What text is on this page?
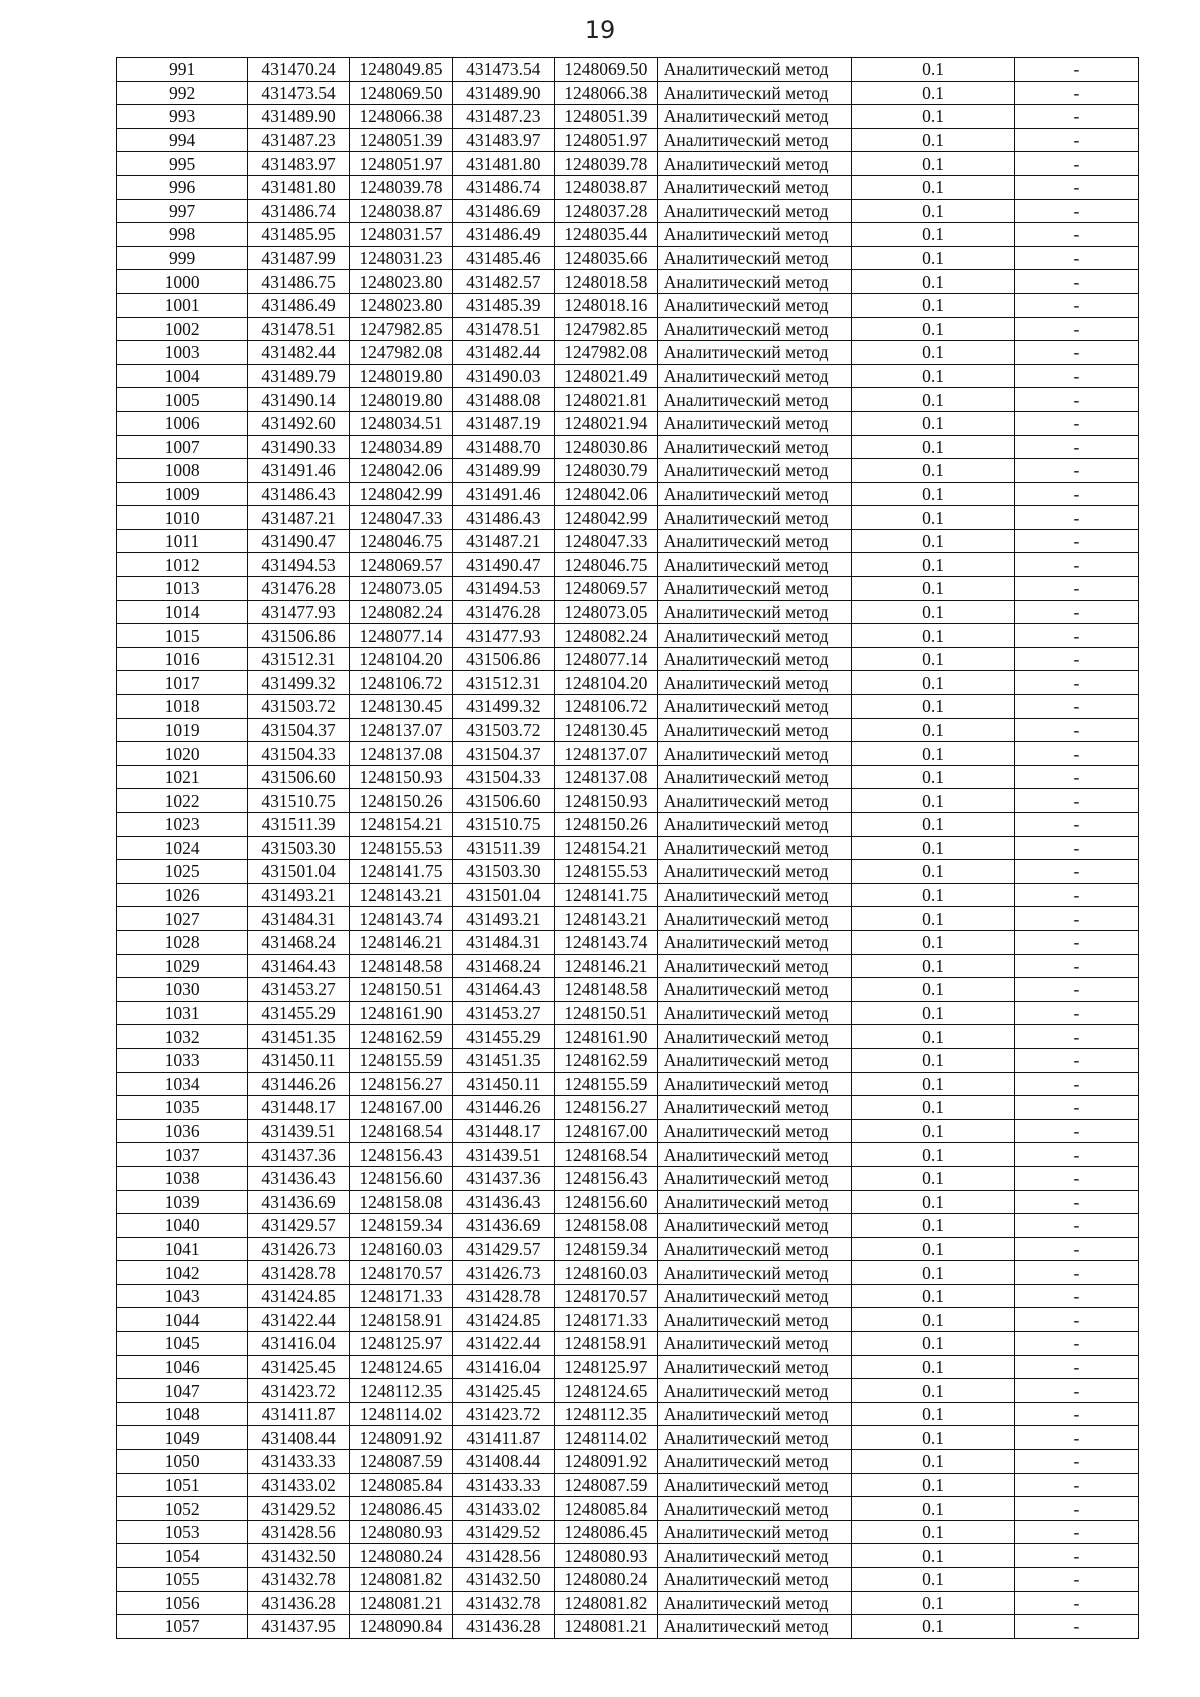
19
991	431470.24	1248049.85	431473.54	1248069.50	Аналитический метод	0.1	-
992	431473.54	1248069.50	431489.90	1248066.38	Аналитический метод	0.1	-
993	431489.90	1248066.38	431487.23	1248051.39	Аналитический метод	0.1	-
994	431487.23	1248051.39	431483.97	1248051.97	Аналитический метод	0.1	-
995	431483.97	1248051.97	431481.80	1248039.78	Аналитический метод	0.1	-
996	431481.80	1248039.78	431486.74	1248038.87	Аналитический метод	0.1	-
997	431486.74	1248038.87	431486.69	1248037.28	Аналитический метод	0.1	-
998	431485.95	1248031.57	431486.49	1248035.44	Аналитический метод	0.1	-
999	431487.99	1248031.23	431485.46	1248035.66	Аналитический метод	0.1	-
1000	431486.75	1248023.80	431482.57	1248018.58	Аналитический метод	0.1	-
1001	431486.49	1248023.80	431485.39	1248018.16	Аналитический метод	0.1	-
1002	431478.51	1247982.85	431478.51	1247982.85	Аналитический метод	0.1	-
1003	431482.44	1247982.08	431482.44	1247982.08	Аналитический метод	0.1	-
1004	431489.79	1248019.80	431490.03	1248021.49	Аналитический метод	0.1	-
1005	431490.14	1248019.80	431488.08	1248021.81	Аналитический метод	0.1	-
1006	431492.60	1248034.51	431487.19	1248021.94	Аналитический метод	0.1	-
1007	431490.33	1248034.89	431488.70	1248030.86	Аналитический метод	0.1	-
1008	431491.46	1248042.06	431489.99	1248030.79	Аналитический метод	0.1	-
1009	431486.43	1248042.99	431491.46	1248042.06	Аналитический метод	0.1	-
1010	431487.21	1248047.33	431486.43	1248042.99	Аналитический метод	0.1	-
1011	431490.47	1248046.75	431487.21	1248047.33	Аналитический метод	0.1	-
1012	431494.53	1248069.57	431490.47	1248046.75	Аналитический метод	0.1	-
1013	431476.28	1248073.05	431494.53	1248069.57	Аналитический метод	0.1	-
1014	431477.93	1248082.24	431476.28	1248073.05	Аналитический метод	0.1	-
1015	431506.86	1248077.14	431477.93	1248082.24	Аналитический метод	0.1	-
1016	431512.31	1248104.20	431506.86	1248077.14	Аналитический метод	0.1	-
1017	431499.32	1248106.72	431512.31	1248104.20	Аналитический метод	0.1	-
1018	431503.72	1248130.45	431499.32	1248106.72	Аналитический метод	0.1	-
1019	431504.37	1248137.07	431503.72	1248130.45	Аналитический метод	0.1	-
1020	431504.33	1248137.08	431504.37	1248137.07	Аналитический метод	0.1	-
1021	431506.60	1248150.93	431504.33	1248137.08	Аналитический метод	0.1	-
1022	431510.75	1248150.26	431506.60	1248150.93	Аналитический метод	0.1	-
1023	431511.39	1248154.21	431510.75	1248150.26	Аналитический метод	0.1	-
1024	431503.30	1248155.53	431511.39	1248154.21	Аналитический метод	0.1	-
1025	431501.04	1248141.75	431503.30	1248155.53	Аналитический метод	0.1	-
1026	431493.21	1248143.21	431501.04	1248141.75	Аналитический метод	0.1	-
1027	431484.31	1248143.74	431493.21	1248143.21	Аналитический метод	0.1	-
1028	431468.24	1248146.21	431484.31	1248143.74	Аналитический метод	0.1	-
1029	431464.43	1248148.58	431468.24	1248146.21	Аналитический метод	0.1	-
1030	431453.27	1248150.51	431464.43	1248148.58	Аналитический метод	0.1	-
1031	431455.29	1248161.90	431453.27	1248150.51	Аналитический метод	0.1	-
1032	431451.35	1248162.59	431455.29	1248161.90	Аналитический метод	0.1	-
1033	431450.11	1248155.59	431451.35	1248162.59	Аналитический метод	0.1	-
1034	431446.26	1248156.27	431450.11	1248155.59	Аналитический метод	0.1	-
1035	431448.17	1248167.00	431446.26	1248156.27	Аналитический метод	0.1	-
1036	431439.51	1248168.54	431448.17	1248167.00	Аналитический метод	0.1	-
1037	431437.36	1248156.43	431439.51	1248168.54	Аналитический метод	0.1	-
1038	431436.43	1248156.60	431437.36	1248156.43	Аналитический метод	0.1	-
1039	431436.69	1248158.08	431436.43	1248156.60	Аналитический метод	0.1	-
1040	431429.57	1248159.34	431436.69	1248158.08	Аналитический метод	0.1	-
1041	431426.73	1248160.03	431429.57	1248159.34	Аналитический метод	0.1	-
1042	431428.78	1248170.57	431426.73	1248160.03	Аналитический метод	0.1	-
1043	431424.85	1248171.33	431428.78	1248170.57	Аналитический метод	0.1	-
1044	431422.44	1248158.91	431424.85	1248171.33	Аналитический метод	0.1	-
1045	431416.04	1248125.97	431422.44	1248158.91	Аналитический метод	0.1	-
1046	431425.45	1248124.65	431416.04	1248125.97	Аналитический метод	0.1	-
1047	431423.72	1248112.35	431425.45	1248124.65	Аналитический метод	0.1	-
1048	431411.87	1248114.02	431423.72	1248112.35	Аналитический метод	0.1	-
1049	431408.44	1248091.92	431411.87	1248114.02	Аналитический метод	0.1	-
1050	431433.33	1248087.59	431408.44	1248091.92	Аналитический метод	0.1	-
1051	431433.02	1248085.84	431433.33	1248087.59	Аналитический метод	0.1	-
1052	431429.52	1248086.45	431433.02	1248085.84	Аналитический метод	0.1	-
1053	431428.56	1248080.93	431429.52	1248086.45	Аналитический метод	0.1	-
1054	431432.50	1248080.24	431428.56	1248080.93	Аналитический метод	0.1	-
1055	431432.78	1248081.82	431432.50	1248080.24	Аналитический метод	0.1	-
1056	431436.28	1248081.21	431432.78	1248081.82	Аналитический метод	0.1	-
1057	431437.95	1248090.84	431436.28	1248081.21	Аналитический метод	0.1	-
